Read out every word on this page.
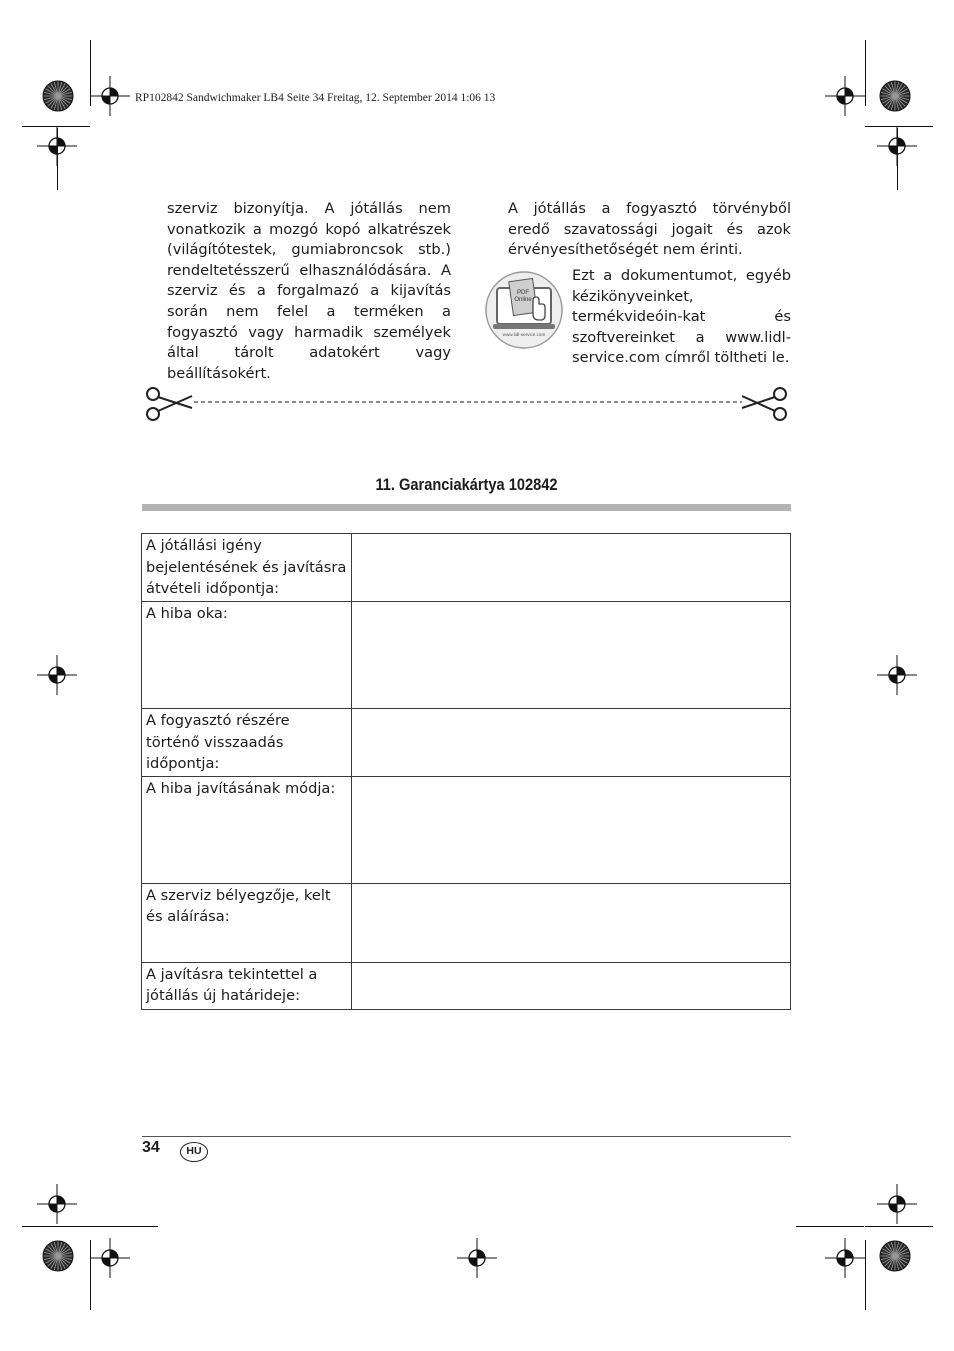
RP102842 Sandwichmaker LB4 Seite 34 Freitag, 12. September 2014 1:06 13

szerviz bizonyítja. A jótállás nem vonatkozik a mozgó kopó alkatrészek (világítótestek, gumiabroncsok stb.) rendeltetésszerű elhasználódására. A szerviz és a forgalmazó a kijavítás során nem felel a terméken a fogyasztó vagy harmadik személyek által tárolt adatokért vagy beállításokért.

A jótállás a fogyasztó törvényből eredő szavatossági jogait és azok érvényesíthetőségét nem érinti.

PDF
Online
www.lidl-service.com

Ezt a dokumentumot, egyéb kézikönyveinket, termékvideóin-kat és szoftvereinket a www.lidl-service.com címről töltheti le.

11. Garanciakártya 102842
A jótállási igény bejelentésének és javításra átvételi időpontja:	
A hiba oka:	
A fogyasztó részére történő visszaadás időpontja:	
A hiba javításának módja:	
A szerviz bélyegzője, kelt és aláírása:	
A javításra tekintettel a jótállás új határideje:	
34	HU
